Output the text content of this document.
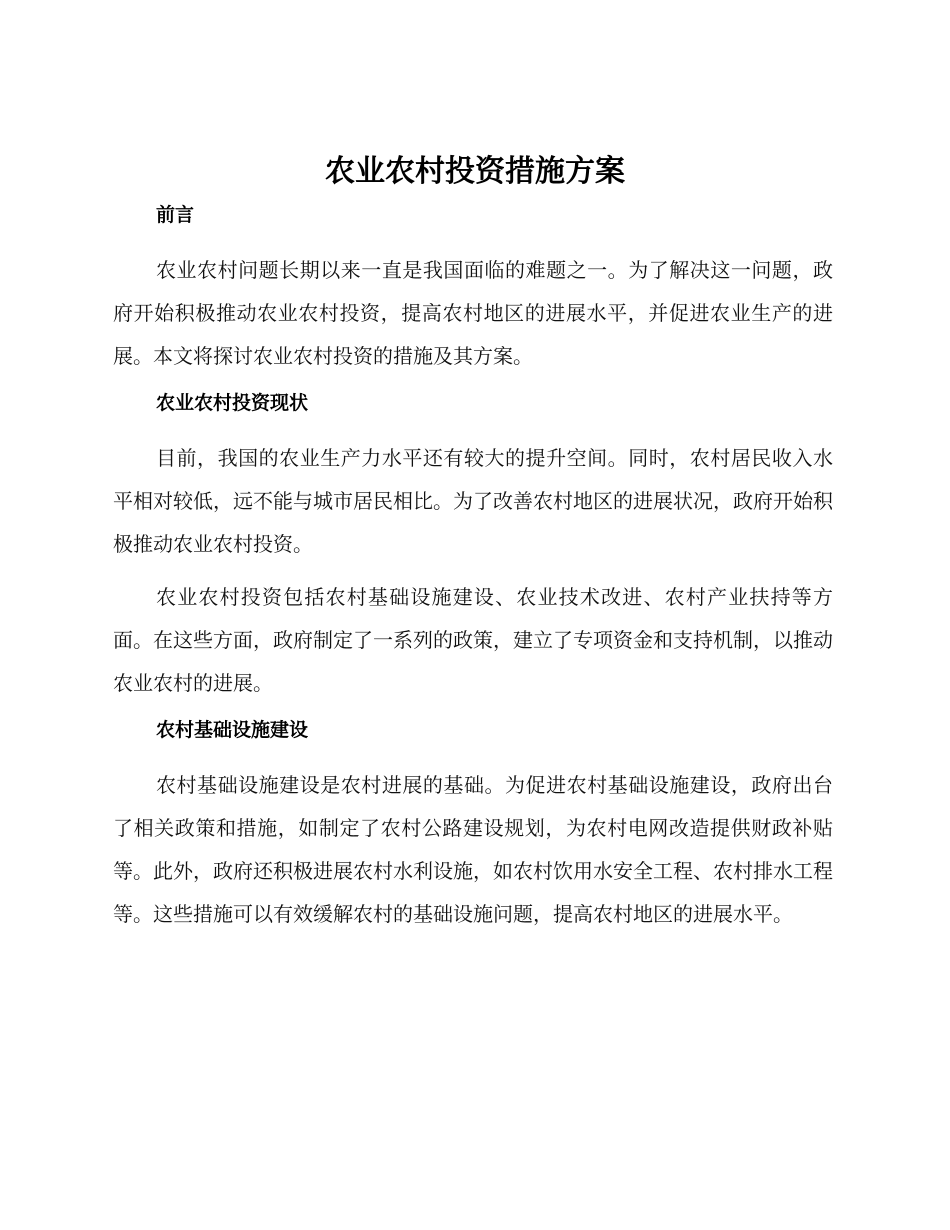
农业农村投资措施方案

前言

农业农村问题长期以来一直是我国面临的难题之一。为了解决这一问题，政府开始积极推动农业农村投资，提高农村地区的进展水平，并促进农业生产的进展。本文将探讨农业农村投资的措施及其方案。

农业农村投资现状

目前，我国的农业生产力水平还有较大的提升空间。同时，农村居民收入水平相对较低，远不能与城市居民相比。为了改善农村地区的进展状况，政府开始积极推动农业农村投资。

农业农村投资包括农村基础设施建设、农业技术改进、农村产业扶持等方面。在这些方面，政府制定了一系列的政策，建立了专项资金和支持机制，以推动农业农村的进展。

农村基础设施建设

农村基础设施建设是农村进展的基础。为促进农村基础设施建设，政府出台了相关政策和措施，如制定了农村公路建设规划，为农村电网改造提供财政补贴等。此外，政府还积极进展农村水利设施，如农村饮用水安全工程、农村排水工程等。这些措施可以有效缓解农村的基础设施问题，提高农村地区的进展水平。
